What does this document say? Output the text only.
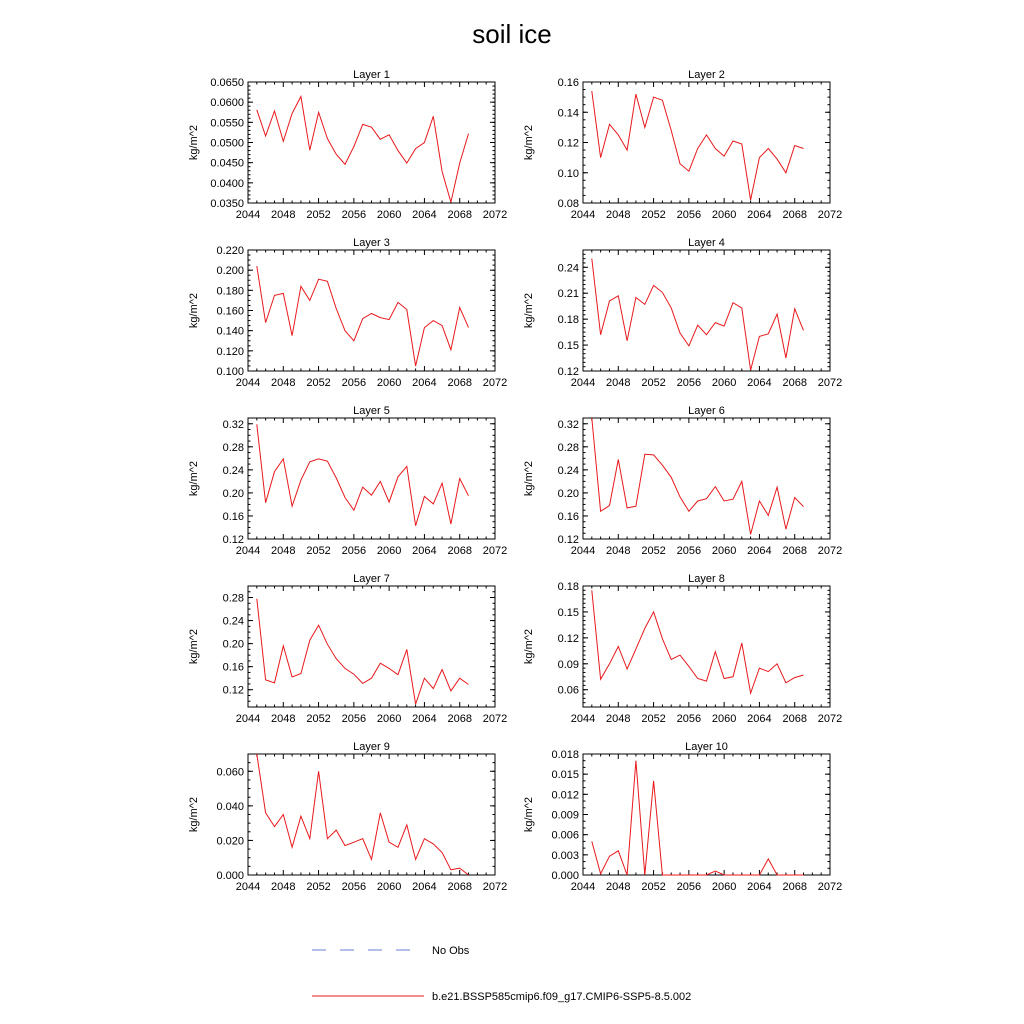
soil ice
Layer 1
kg/m^2
2044 2048 2052 2056 2060 2064 2068 2072
0.0350
0.0400
0.0450
0.0500
0.0550
0.0600
0.0650
Layer 2
kg/m^2
2044 2048 2052 2056 2060 2064 2068 2072
0.08
0.10
0.12
0.14
0.16
Layer 3
kg/m^2
2044 2048 2052 2056 2060 2064 2068 2072
0.100
0.120
0.140
0.160
0.180
0.200
0.220
Layer 4
kg/m^2
2044 2048 2052 2056 2060 2064 2068 2072
0.12
0.15
0.18
0.21
0.24
Layer 5
kg/m^2
2044 2048 2052 2056 2060 2064 2068 2072
0.12
0.16
0.20
0.24
0.28
0.32
Layer 6
kg/m^2
2044 2048 2052 2056 2060 2064 2068 2072
0.12
0.16
0.20
0.24
0.28
0.32
Layer 7
kg/m^2
2044 2048 2052 2056 2060 2064 2068 2072
0.12
0.16
0.20
0.24
0.28
Layer 8
kg/m^2
2044 2048 2052 2056 2060 2064 2068 2072
0.06
0.09
0.12
0.15
0.18
Layer 9
kg/m^2
2044 2048 2052 2056 2060 2064 2068 2072
0.000
0.020
0.040
0.060
Layer 10
kg/m^2
2044 2048 2052 2056 2060 2064 2068 2072
0.000
0.003
0.006
0.009
0.012
0.015
0.018
No Obs
b.e21.BSSP585cmip6.f09_g17.CMIP6-SSP5-8.5.002
